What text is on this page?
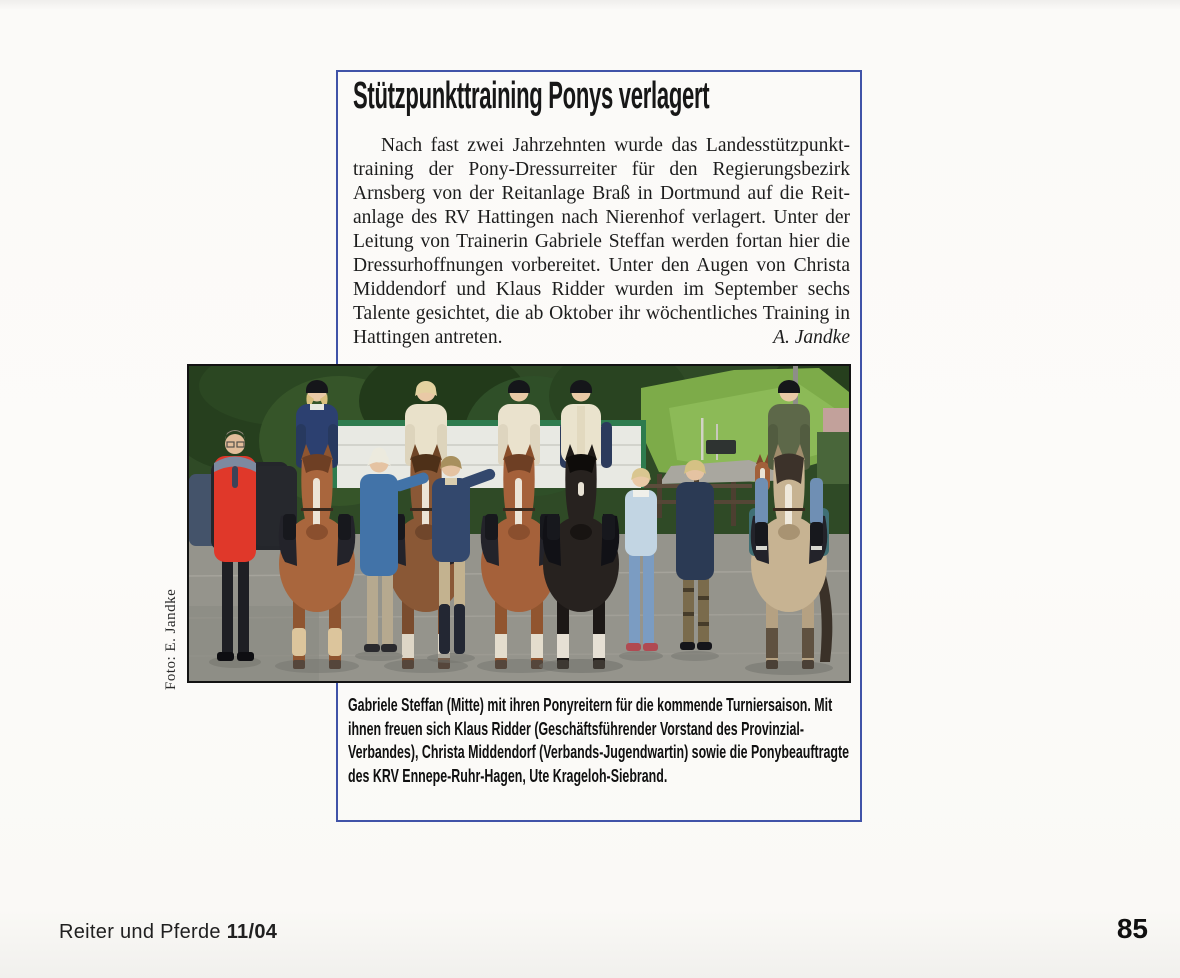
Stützpunkttraining Ponys verlagert

Nach fast zwei Jahrzehnten wurde das Landesstützpunkttraining der Pony-Dressurreiter für den Regierungsbezirk Arnsberg von der Reitanlage Braß in Dortmund auf die Reitanlage des RV Hattingen nach Nierenhof verlagert. Unter der Leitung von Trainerin Gabriele Steffan werden fortan hier die Dressurhoffnungen vorbereitet. Unter den Augen von Christa Middendorf und Klaus Ridder wurden im September sechs Talente gesichtet, die ab Oktober ihr wöchentliches Training in Hattingen antreten.	A. Jandke

Foto: E. Jandke

Gabriele Steffan (Mitte) mit ihren Ponyreitern für die kommende Turniersaison. Mit ihnen freuen sich Klaus Ridder (Geschäftsführender Vorstand des Provinzial-Verbandes), Christa Middendorf (Verbands-Jugendwartin) sowie die Ponybeauftragte des KRV Ennepe-Ruhr-Hagen, Ute Krageloh-Siebrand.

Reiter und Pferde 11/04	85
